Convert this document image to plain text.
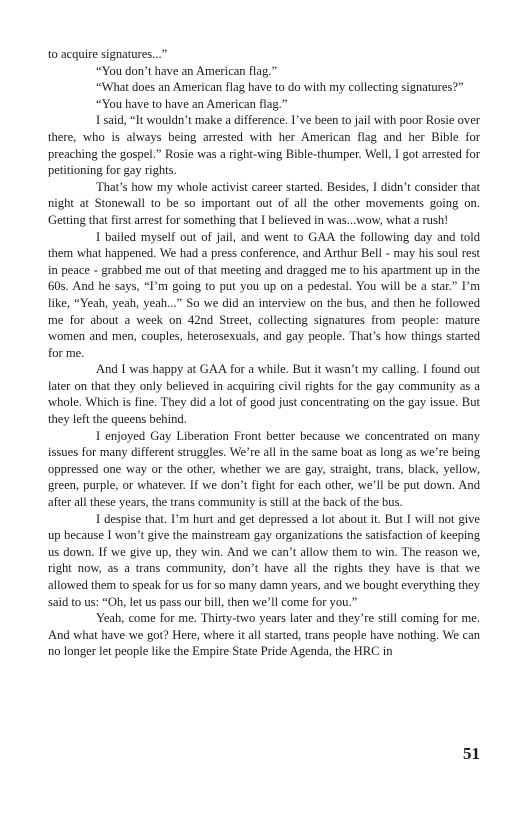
to acquire signatures...”

“You don’t have an American flag.”

“What does an American flag have to do with my collecting signatures?”

“You have to have an American flag.”

I said, “It wouldn’t make a difference. I’ve been to jail with poor Rosie over there, who is always being arrested with her American flag and her Bible for preaching the gospel.” Rosie was a right-wing Bible-thumper. Well, I got arrested for petitioning for gay rights.

That’s how my whole activist career started. Besides, I didn’t consider that night at Stonewall to be so important out of all the other movements going on. Getting that first arrest for something that I believed in was...wow, what a rush!

I bailed myself out of jail, and went to GAA the following day and told them what happened. We had a press conference, and Arthur Bell - may his soul rest in peace - grabbed me out of that meeting and dragged me to his apartment up in the 60s. And he says, “I’m going to put you up on a pedestal. You will be a star.” I’m like, “Yeah, yeah, yeah...” So we did an interview on the bus, and then he followed me for about a week on 42nd Street, collecting signatures from people: mature women and men, couples, heterosexuals, and gay people. That’s how things started for me.

And I was happy at GAA for a while. But it wasn’t my calling. I found out later on that they only believed in acquiring civil rights for the gay community as a whole. Which is fine. They did a lot of good just concentrating on the gay issue. But they left the queens behind.

I enjoyed Gay Liberation Front better because we concentrated on many issues for many different struggles. We’re all in the same boat as long as we’re being oppressed one way or the other, whether we are gay, straight, trans, black, yellow, green, purple, or whatever. If we don’t fight for each other, we’ll be put down. And after all these years, the trans community is still at the back of the bus.

I despise that. I’m hurt and get depressed a lot about it. But I will not give up because I won’t give the mainstream gay organizations the satisfaction of keeping us down. If we give up, they win. And we can’t allow them to win. The reason we, right now, as a trans community, don’t have all the rights they have is that we allowed them to speak for us for so many damn years, and we bought everything they said to us: “Oh, let us pass our bill, then we’ll come for you.”

Yeah, come for me. Thirty-two years later and they’re still coming for me. And what have we got? Here, where it all started, trans people have nothing. We can no longer let people like the Empire State Pride Agenda, the HRC in

51
